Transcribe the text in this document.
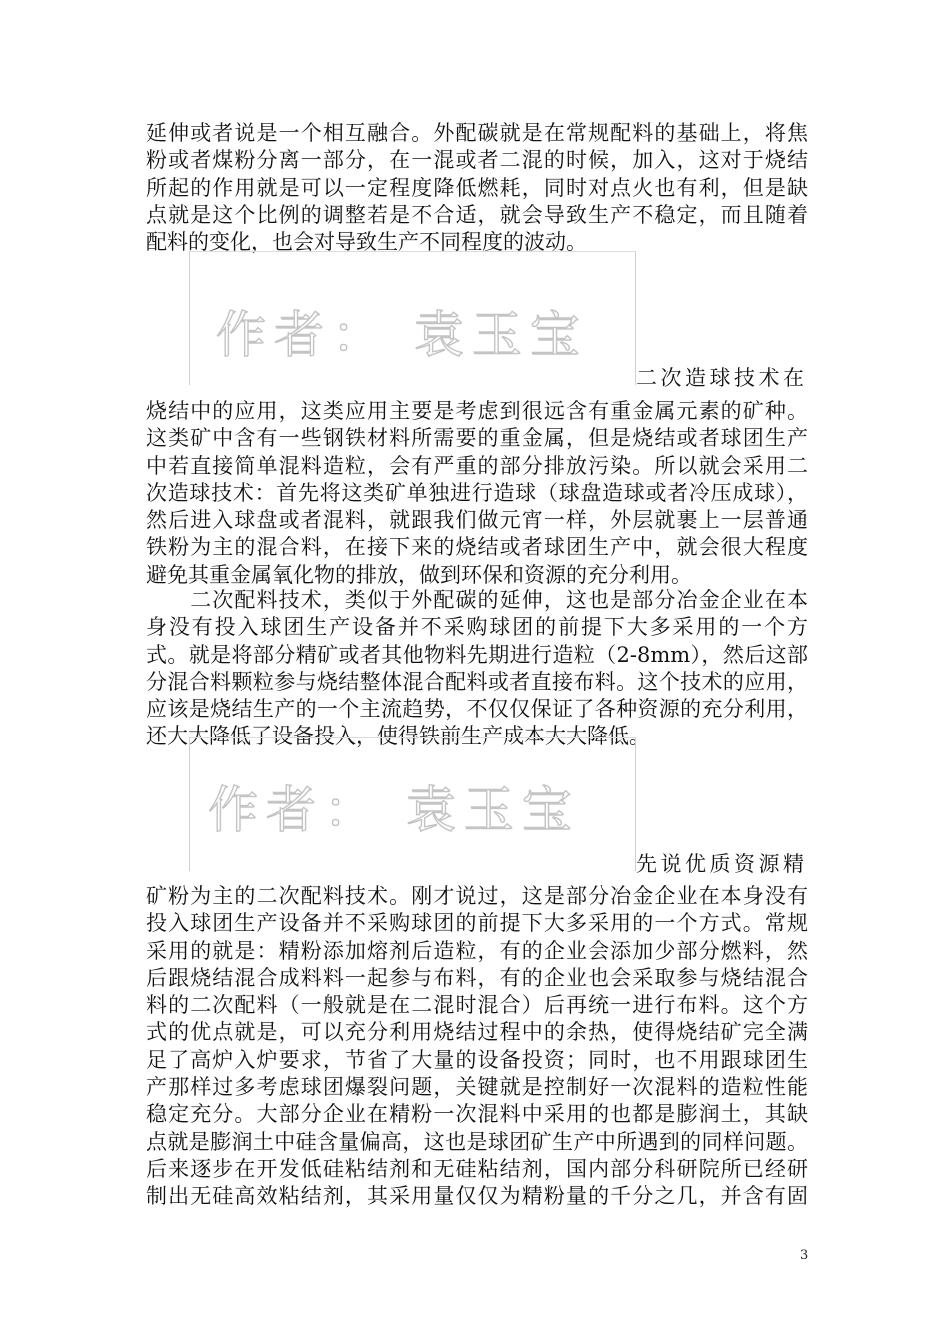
延伸或者说是一个相互融合。外配碳就是在常规配料的基础上，将焦
粉或者煤粉分离一部分，在一混或者二混的时候，加入，这对于烧结
所起的作用就是可以一定程度降低燃耗，同时对点火也有利，但是缺
点就是这个比例的调整若是不合适，就会导致生产不稳定，而且随着
配料的变化，也会对导致生产不同程度的波动。
作者： 袁玉宝
二次造球技术在
烧结中的应用，这类应用主要是考虑到很远含有重金属元素的矿种。
这类矿中含有一些钢铁材料所需要的重金属，但是烧结或者球团生产
中若直接简单混料造粒，会有严重的部分排放污染。所以就会采用二
次造球技术：首先将这类矿单独进行造球（球盘造球或者冷压成球），
然后进入球盘或者混料，就跟我们做元宵一样，外层就裹上一层普通
铁粉为主的混合料，在接下来的烧结或者球团生产中，就会很大程度
避免其重金属氧化物的排放，做到环保和资源的充分利用。
　　二次配料技术，类似于外配碳的延伸，这也是部分冶金企业在本
身没有投入球团生产设备并不采购球团的前提下大多采用的一个方
式。就是将部分精矿或者其他物料先期进行造粒（2-8mm），然后这部
分混合料颗粒参与烧结整体混合配料或者直接布料。这个技术的应用，
应该是烧结生产的一个主流趋势，不仅仅保证了各种资源的充分利用，
还大大降低了设备投入，使得铁前生产成本大大降低。
作者： 袁玉宝
先说优质资源精
矿粉为主的二次配料技术。刚才说过，这是部分冶金企业在本身没有
投入球团生产设备并不采购球团的前提下大多采用的一个方式。常规
采用的就是：精粉添加熔剂后造粒，有的企业会添加少部分燃料，然
后跟烧结混合成料料一起参与布料，有的企业也会采取参与烧结混合
料的二次配料（一般就是在二混时混合）后再统一进行布料。这个方
式的优点就是，可以充分利用烧结过程中的余热，使得烧结矿完全满
足了高炉入炉要求，节省了大量的设备投资；同时，也不用跟球团生
产那样过多考虑球团爆裂问题，关键就是控制好一次混料的造粒性能
稳定充分。大部分企业在精粉一次混料中采用的也都是膨润土，其缺
点就是膨润土中硅含量偏高，这也是球团矿生产中所遇到的同样问题。
后来逐步在开发低硅粘结剂和无硅粘结剂，国内部分科研院所已经研
制出无硅高效粘结剂，其采用量仅仅为精粉量的千分之几，并含有固
3
